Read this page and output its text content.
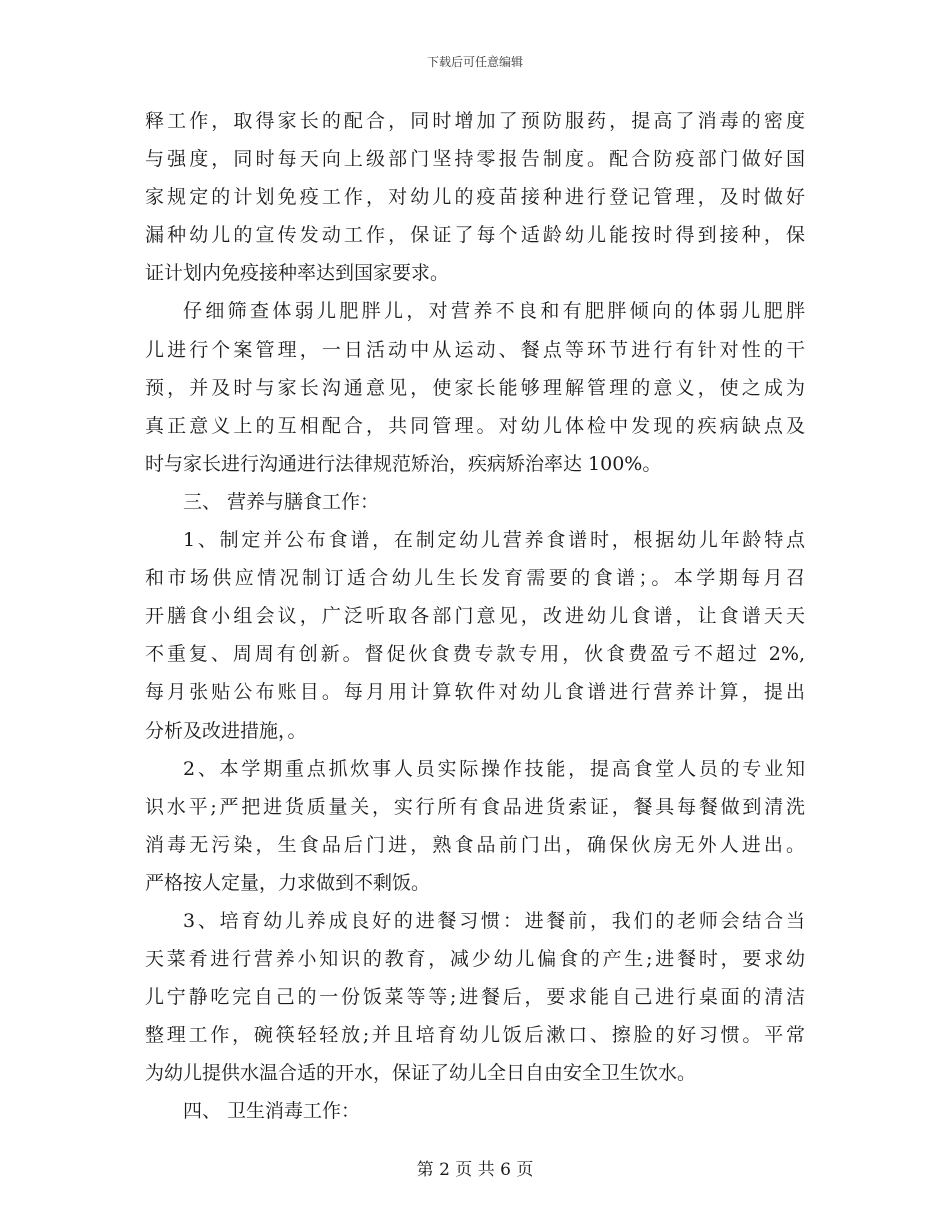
下载后可任意编辑
释工作，取得家长的配合，同时增加了预防服药，提高了消毒的密度
与强度，同时每天向上级部门坚持零报告制度。配合防疫部门做好国
家规定的计划免疫工作，对幼儿的疫苗接种进行登记管理，及时做好
漏种幼儿的宣传发动工作，保证了每个适龄幼儿能按时得到接种，保
证计划内免疫接种率达到国家要求。
仔细筛查体弱儿肥胖儿，对营养不良和有肥胖倾向的体弱儿肥胖
儿进行个案管理，一日活动中从运动、餐点等环节进行有针对性的干
预，并及时与家长沟通意见，使家长能够理解管理的意义，使之成为
真正意义上的互相配合，共同管理。对幼儿体检中发现的疾病缺点及
时与家长进行沟通进行法律规范矫治，疾病矫治率达 100%。
三、 营养与膳食工作：
1、制定并公布食谱，在制定幼儿营养食谱时，根据幼儿年龄特点
和市场供应情况制订适合幼儿生长发育需要的食谱；。本学期每月召
开膳食小组会议，广泛听取各部门意见，改进幼儿食谱，让食谱天天
不重复、周周有创新。督促伙食费专款专用，伙食费盈亏不超过 2%,
每月张贴公布账目。每月用计算软件对幼儿食谱进行营养计算，提出
分析及改进措施，。
2、本学期重点抓炊事人员实际操作技能，提高食堂人员的专业知
识水平;严把进货质量关，实行所有食品进货索证，餐具每餐做到清洗
消毒无污染，生食品后门进，熟食品前门出，确保伙房无外人进出。
严格按人定量，力求做到不剩饭。
3、培育幼儿养成良好的进餐习惯：进餐前，我们的老师会结合当
天菜肴进行营养小知识的教育，减少幼儿偏食的产生;进餐时，要求幼
儿宁静吃完自己的一份饭菜等等;进餐后，要求能自己进行桌面的清洁
整理工作，碗筷轻轻放;并且培育幼儿饭后漱口、擦脸的好习惯。平常
为幼儿提供水温合适的开水，保证了幼儿全日自由安全卫生饮水。
四、 卫生消毒工作：
第 2 页 共 6 页
